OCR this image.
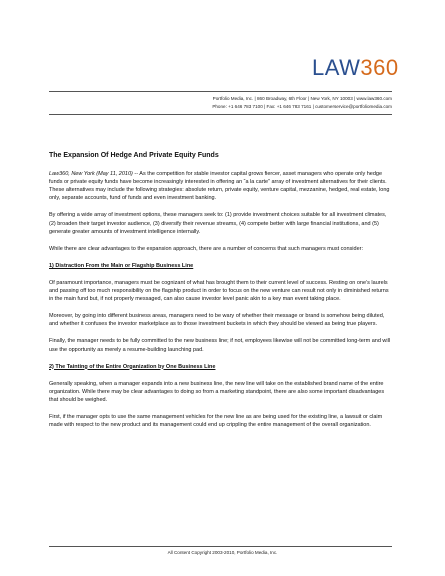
LAW360
Portfolio Media, Inc. | 860 Broadway, 6th Floor | New York, NY 10003 | www.law360.com
Phone: +1 646 783 7100 | Fax: +1 646 783 7161 | customerservice@portfoliomedia.com
The Expansion Of Hedge And Private Equity Funds

Law360, New York (May 11, 2010) -- As the competition for stable investor capital grows fiercer, asset managers who operate only hedge funds or private equity funds have become increasingly interested in offering an “a la carte” array of investment alternatives for their clients. These alternatives may include the following strategies: absolute return, private equity, venture capital, mezzanine, hedged, real estate, long only, separate accounts, fund of funds and even investment banking.

By offering a wide array of investment options, these managers seek to: (1) provide investment choices suitable for all investment climates, (2) broaden their target investor audience, (3) diversify their revenue streams, (4) compete better with large financial institutions, and (5) generate greater amounts of investment intelligence internally.

While there are clear advantages to the expansion approach, there are a number of concerns that such managers must consider:

1) Distraction From the Main or Flagship Business Line

Of paramount importance, managers must be cognizant of what has brought them to their current level of success. Resting on one’s laurels and passing off too much responsibility on the flagship product in order to focus on the new venture can result not only in diminished returns in the main fund but, if not properly messaged, can also cause investor level panic akin to a key man event taking place.

Moreover, by going into different business areas, managers need to be wary of whether their message or brand is somehow being diluted, and whether it confuses the investor marketplace as to those investment buckets in which they should be viewed as being true players.

Finally, the manager needs to be fully committed to the new business line; if not, employees likewise will not be committed long-term and will use the opportunity as merely a resume-building launching pad.

2) The Tainting of the Entire Organization by One Business Line

Generally speaking, when a manager expands into a new business line, the new line will take on the established brand name of the entire organization. While there may be clear advantages to doing so from a marketing standpoint, there are also some important disadvantages that should be weighed.

First, if the manager opts to use the same management vehicles for the new line as are being used for the existing line, a lawsuit or claim made with respect to the new product and its management could end up crippling the entire management of the overall organization.

All Content Copyright 2003-2010, Portfolio Media, Inc.
